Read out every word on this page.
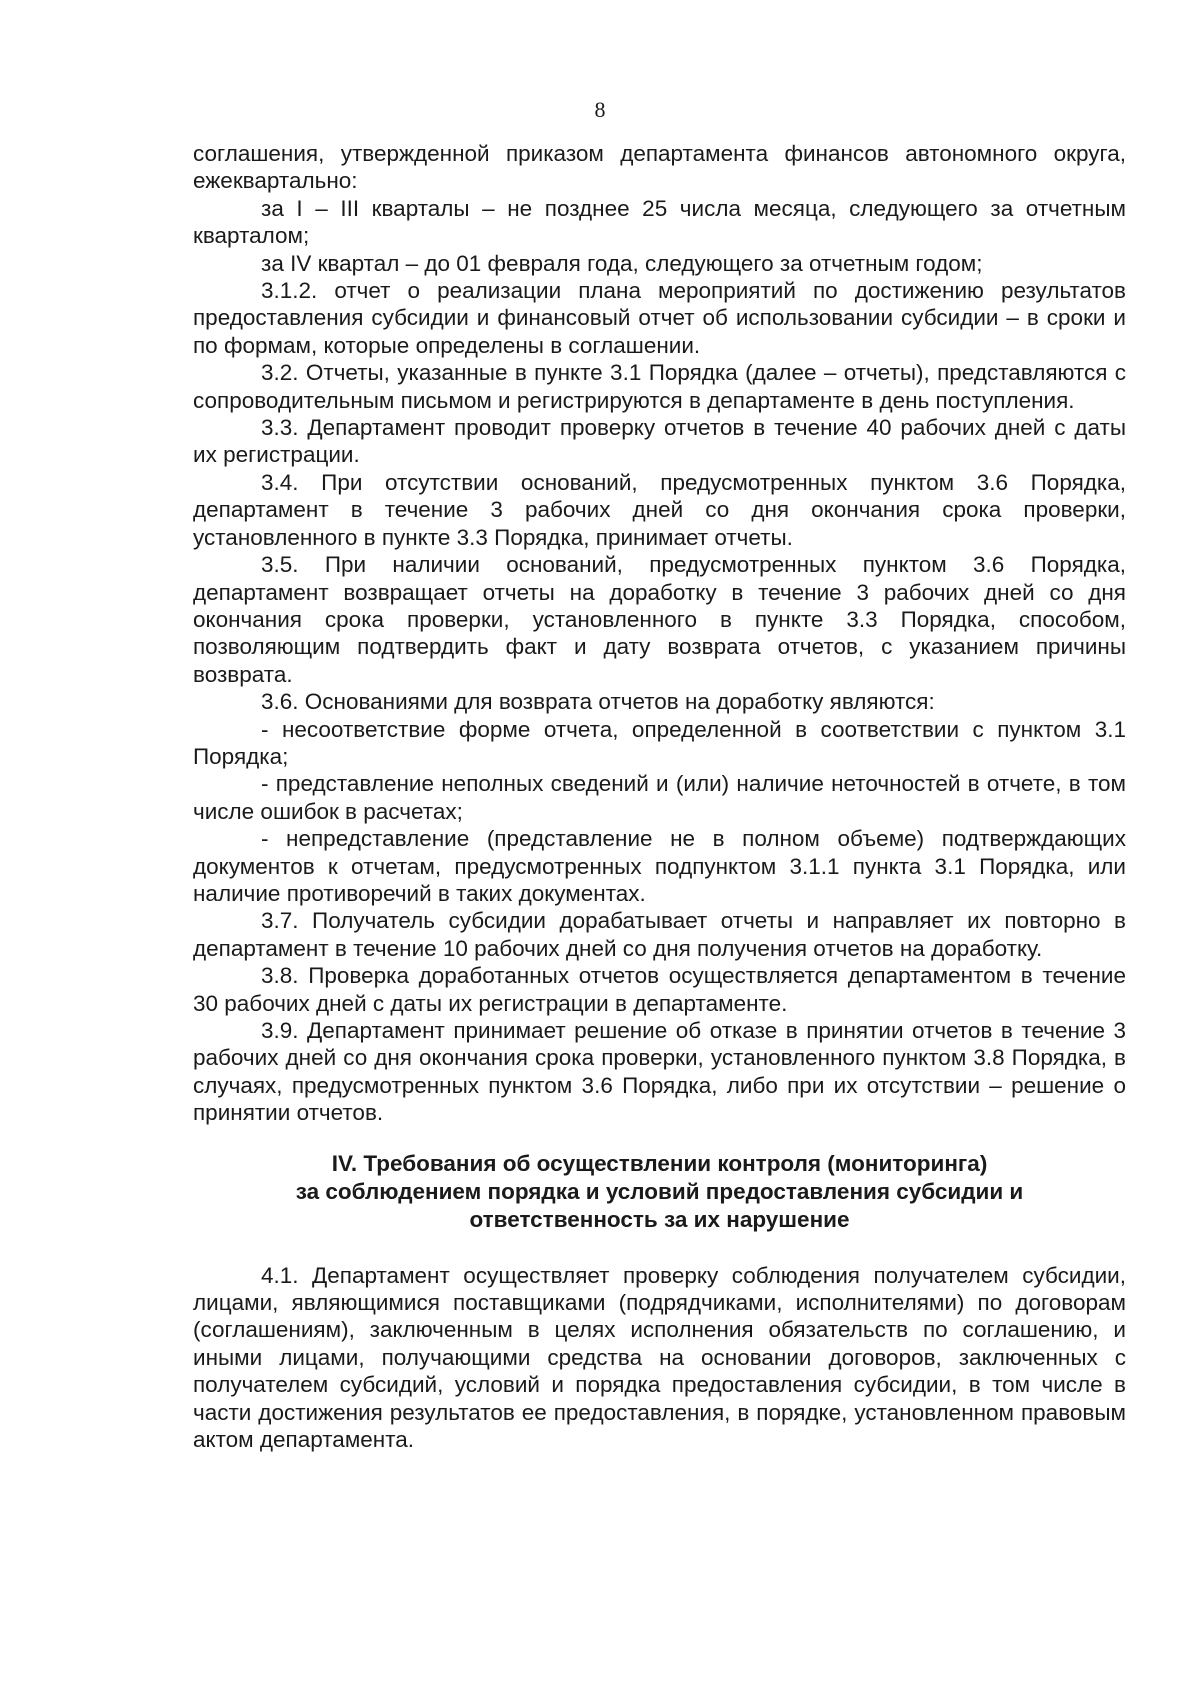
8

соглашения, утвержденной приказом департамента финансов автономного округа, ежеквартально:

за I – III кварталы – не позднее 25 числа месяца, следующего за отчетным кварталом;

за IV квартал – до 01 февраля года, следующего за отчетным годом;

3.1.2. отчет о реализации плана мероприятий по достижению результатов предоставления субсидии и финансовый отчет об использовании субсидии – в сроки и по формам, которые определены в соглашении.

3.2. Отчеты, указанные в пункте 3.1 Порядка (далее – отчеты), представляются с сопроводительным письмом и регистрируются в департаменте в день поступления.

3.3. Департамент проводит проверку отчетов в течение 40 рабочих дней с даты их регистрации.

3.4. При отсутствии оснований, предусмотренных пунктом 3.6 Порядка, департамент в течение 3 рабочих дней со дня окончания срока проверки, установленного в пункте 3.3 Порядка, принимает отчеты.

3.5. При наличии оснований, предусмотренных пунктом 3.6 Порядка, департамент возвращает отчеты на доработку в течение 3 рабочих дней со дня окончания срока проверки, установленного в пункте 3.3 Порядка, способом, позволяющим подтвердить факт и дату возврата отчетов, с указанием причины возврата.

3.6. Основаниями для возврата отчетов на доработку являются:

- несоответствие форме отчета, определенной в соответствии с пунктом 3.1 Порядка;

- представление неполных сведений и (или) наличие неточностей в отчете, в том числе ошибок в расчетах;

- непредставление (представление не в полном объеме) подтверждающих документов к отчетам, предусмотренных подпунктом 3.1.1 пункта 3.1 Порядка, или наличие противоречий в таких документах.

3.7. Получатель субсидии дорабатывает отчеты и направляет их повторно в департамент в течение 10 рабочих дней со дня получения отчетов на доработку.

3.8. Проверка доработанных отчетов осуществляется департаментом в течение 30 рабочих дней с даты их регистрации в департаменте.

3.9. Департамент принимает решение об отказе в принятии отчетов в течение 3 рабочих дней со дня окончания срока проверки, установленного пунктом 3.8 Порядка, в случаях, предусмотренных пунктом 3.6 Порядка, либо при их отсутствии – решение о принятии отчетов.

IV. Требования об осуществлении контроля (мониторинга)
за соблюдением порядка и условий предоставления субсидии и
ответственность за их нарушение

4.1. Департамент осуществляет проверку соблюдения получателем субсидии, лицами, являющимися поставщиками (подрядчиками, исполнителями) по договорам (соглашениям), заключенным в целях исполнения обязательств по соглашению, и иными лицами, получающими средства на основании договоров, заключенных с получателем субсидий, условий и порядка предоставления субсидии, в том числе в части достижения результатов ее предоставления, в порядке, установленном правовым актом департамента.
